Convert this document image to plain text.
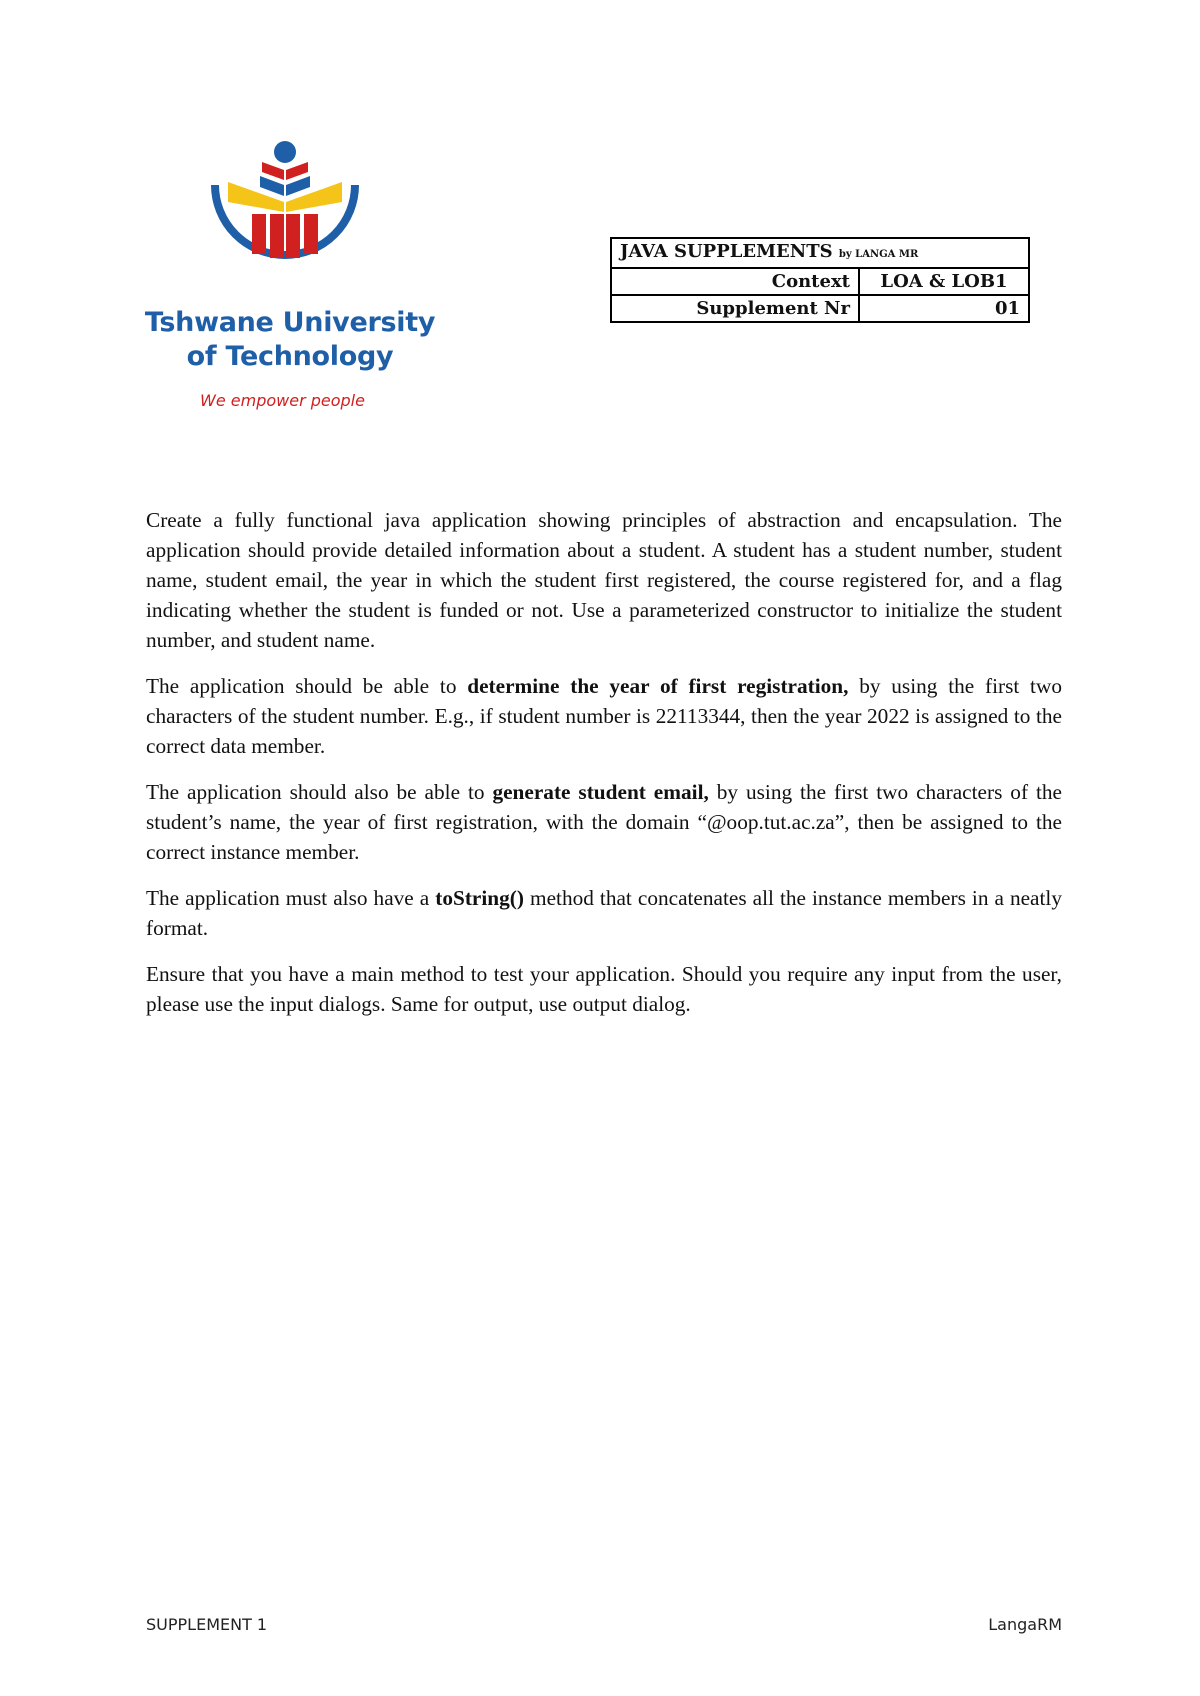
Tshwane University
of Technology
We empower people
JAVA SUPPLEMENTS by LANGA MR	
Context	LOA & LOB1
Supplement Nr	01

Create a fully functional java application showing principles of abstraction and encapsulation. The application should provide detailed information about a student. A student has a student number, student name, student email, the year in which the student first registered, the course registered for, and a flag indicating whether the student is funded or not. Use a parameterized constructor to initialize the student number, and student name.

The application should be able to determine the year of first registration, by using the first two characters of the student number. E.g., if student number is 22113344, then the year 2022 is assigned to the correct data member.

The application should also be able to generate student email, by using the first two characters of the student’s name, the year of first registration, with the domain “@oop.tut.ac.za”, then be assigned to the correct instance member.

The application must also have a toString() method that concatenates all the instance members in a neatly format.

Ensure that you have a main method to test your application. Should you require any input from the user, please use the input dialogs. Same for output, use output dialog.

SUPPLEMENT 1	LangaRM
